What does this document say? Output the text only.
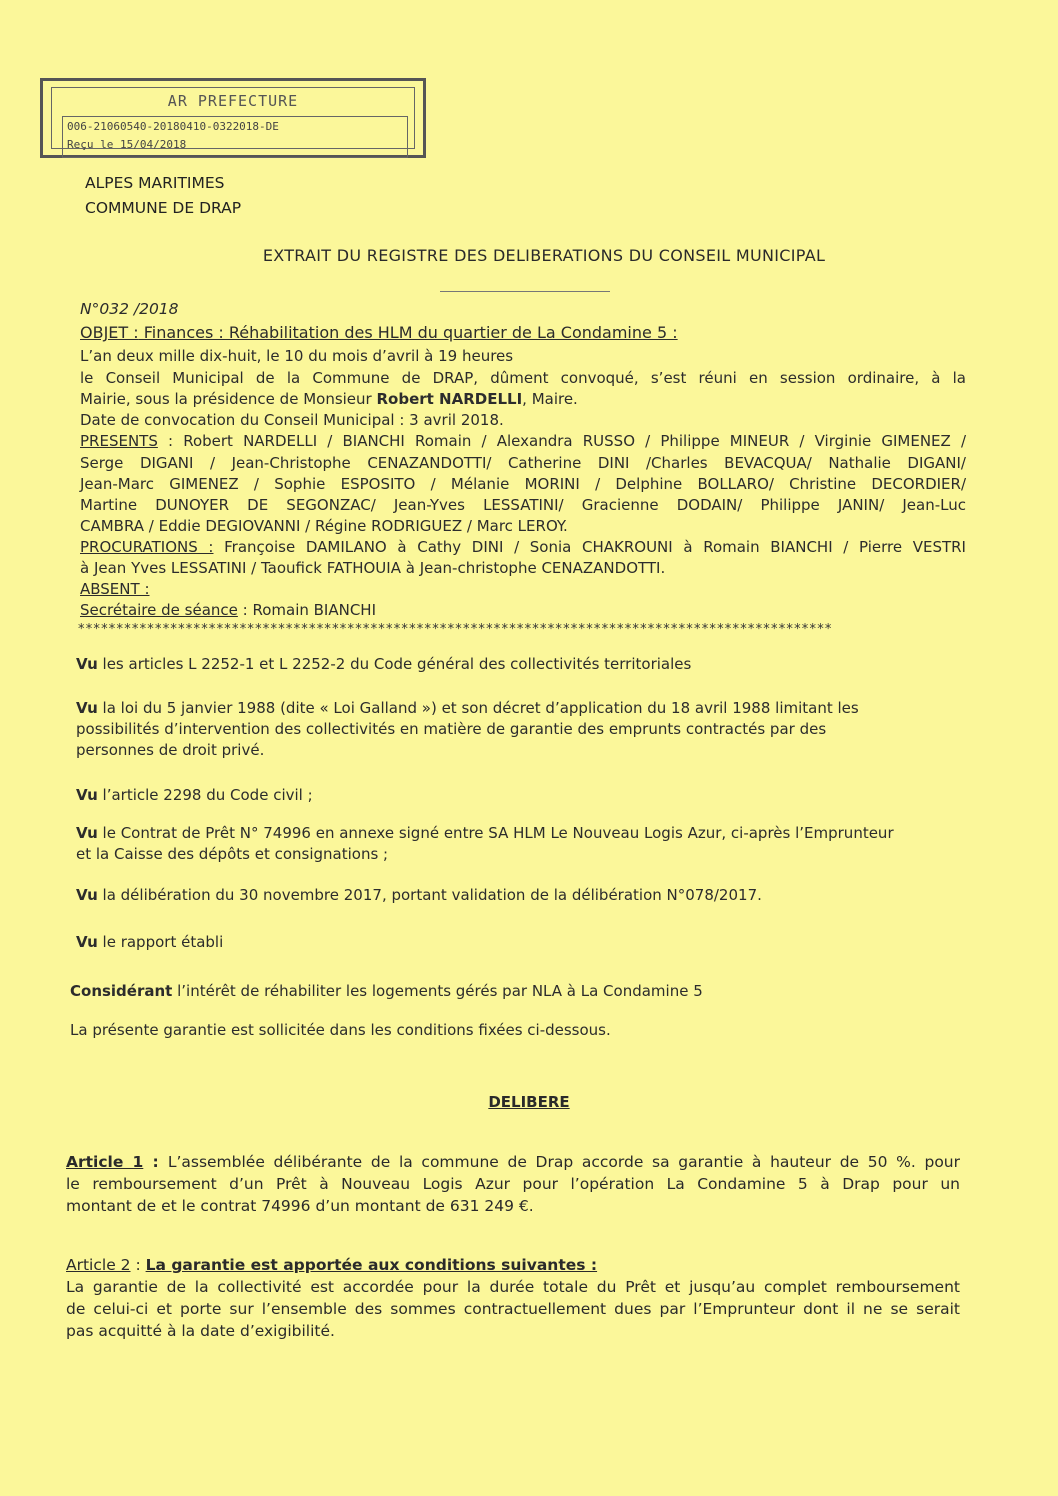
AR PREFECTURE
006-21060540-20180410-0322018-DE
Reçu le 15/04/2018
ALPES MARITIMES
COMMUNE DE DRAP
EXTRAIT DU REGISTRE DES DELIBERATIONS DU CONSEIL MUNICIPAL
N°032 /2018
OBJET : Finances : Réhabilitation des HLM du quartier de La Condamine 5 :
L’an deux mille dix-huit, le 10 du mois d’avril à 19 heures
le Conseil Municipal de la Commune de DRAP, dûment convoqué, s’est réuni en session ordinaire, à la
Mairie, sous la présidence de Monsieur Robert NARDELLI, Maire.
Date de convocation du Conseil Municipal : 3 avril 2018.
PRESENTS : Robert NARDELLI / BIANCHI Romain / Alexandra RUSSO / Philippe MINEUR / Virginie GIMENEZ /
Serge DIGANI / Jean-Christophe CENAZANDOTTI/ Catherine DINI /Charles BEVACQUA/ Nathalie DIGANI/
Jean-Marc GIMENEZ / Sophie ESPOSITO / Mélanie MORINI / Delphine BOLLARO/ Christine DECORDIER/
Martine DUNOYER DE SEGONZAC/ Jean-Yves LESSATINI/ Gracienne DODAIN/ Philippe JANIN/ Jean-Luc
CAMBRA / Eddie DEGIOVANNI / Régine RODRIGUEZ / Marc LEROY.
PROCURATIONS : Françoise DAMILANO à Cathy DINI / Sonia CHAKROUNI à Romain BIANCHI / Pierre VESTRI
à Jean Yves LESSATINI / Taoufick FATHOUIA à Jean-christophe CENAZANDOTTI.
ABSENT :
Secrétaire de séance : Romain BIANCHI
**************************************************************************************************
Vu les articles L 2252-1 et L 2252-2 du Code général des collectivités territoriales
Vu la loi du 5 janvier 1988 (dite « Loi Galland ») et son décret d’application du 18 avril 1988 limitant les
possibilités d’intervention des collectivités en matière de garantie des emprunts contractés par des
personnes de droit privé.
Vu l’article 2298 du Code civil ;
Vu le Contrat de Prêt N° 74996 en annexe signé entre SA HLM Le Nouveau Logis Azur, ci-après l’Emprunteur
et la Caisse des dépôts et consignations ;
Vu la délibération du 30 novembre 2017, portant validation de la délibération N°078/2017.
Vu le rapport établi
Considérant l’intérêt de réhabiliter les logements gérés par NLA à La Condamine 5
La présente garantie est sollicitée dans les conditions fixées ci-dessous.
DELIBERE
Article 1 : L’assemblée délibérante de la commune de Drap accorde sa garantie à hauteur de 50 %. pour
le remboursement d’un Prêt à Nouveau Logis Azur pour l’opération La Condamine 5 à Drap pour un
montant de et le contrat 74996 d’un montant de 631 249 €.
Article 2 : La garantie est apportée aux conditions suivantes :
La garantie de la collectivité est accordée pour la durée totale du Prêt et jusqu’au complet remboursement
de celui-ci et porte sur l’ensemble des sommes contractuellement dues par l’Emprunteur dont il ne se serait
pas acquitté à la date d’exigibilité.
